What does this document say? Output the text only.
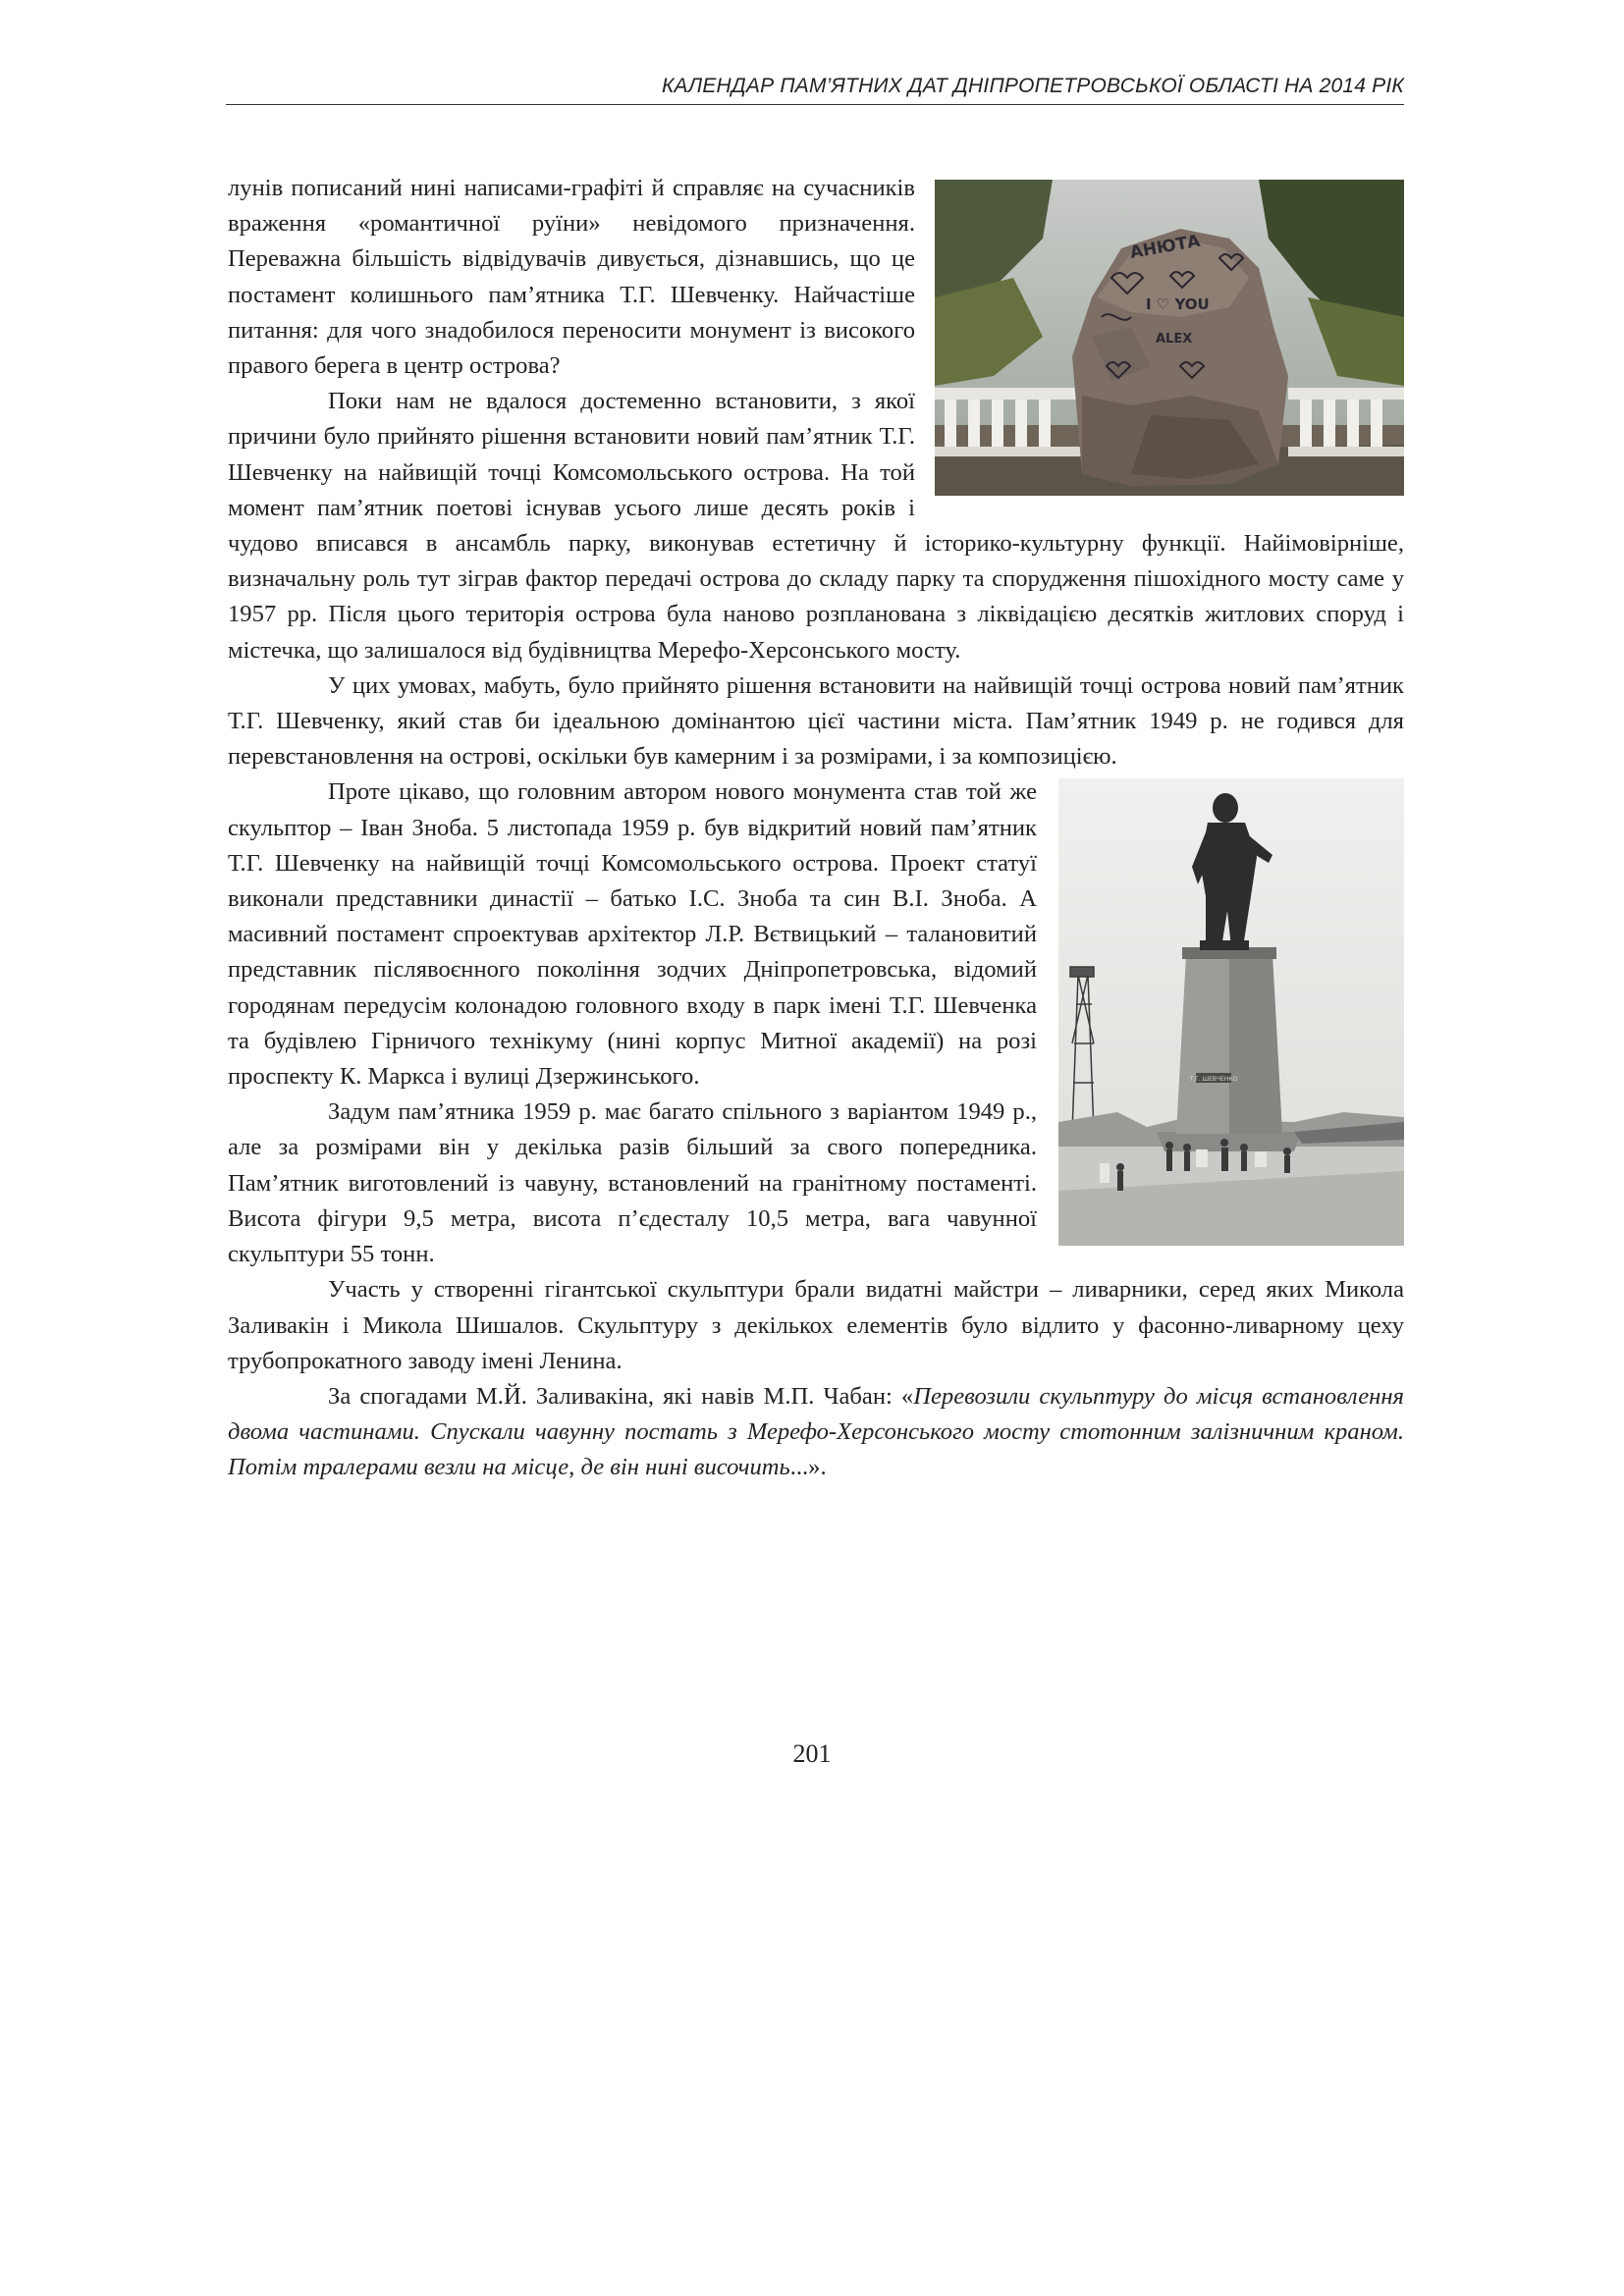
КАЛЕНДАР ПАМ’ЯТНИХ ДАТ ДНІПРОПЕТРОВСЬКОЇ ОБЛАСТІ НА 2014 РІК
АНЮТА
I ♡ YOU
ALEX

лунів пописаний нині написами-графіті й справляє на сучасників враження «романтичної руїни» невідомого призначення. Переважна більшість відвідувачів дивується, дізнавшись, що це постамент колишнього пам’ятника Т.Г. Шевченку. Найчастіше питання: для чого знадобилося переносити монумент із високого правого берега в центр острова?

Поки нам не вдалося достеменно встановити, з якої причини було прийнято рішення встановити новий пам’ятник Т.Г. Шевченку на найвищій точці Комсомольського острова. На той момент пам’ятник поетові існував усього лише десять років і чудово вписався в ансамбль парку, виконував естетичну й історико-культурну функції. Найімовірніше, визначальну роль тут зіграв фактор передачі острова до складу парку та спорудження пішохідного мосту саме у 1957 рр. Після цього територія острова була наново розпланована з ліквідацією десятків житлових споруд і містечка, що залишалося від будівництва Мерефо-Херсонського мосту.

У цих умовах, мабуть, було прийнято рішення встановити на найвищій точці острова новий пам’ятник Т.Г. Шевченку, який став би ідеальною домінантою цієї частини міста. Пам’ятник 1949 р. не годився для перевстановлення на острові, оскільки був камерним і за розмірами, і за композицією.

Т.Г. ШЕВЧЕНКО

Проте цікаво, що головним автором нового монумента став той же скульптор – Іван Зноба. 5 листопада 1959 р. був відкритий новий пам’ятник Т.Г. Шевченку на найвищій точці Комсомольського острова. Проект статуї виконали представники династії – батько І.С. Зноба та син В.І. Зноба. А масивний постамент спроектував архітектор Л.Р. Вєтвицький – талановитий представник післявоєнного покоління зодчих Дніпропетровська, відомий городянам передусім колонадою головного входу в парк імені Т.Г. Шевченка та будівлею Гірничого технікуму (нині корпус Митної академії) на розі проспекту К. Маркса і вулиці Дзержинського.

Задум пам’ятника 1959 р. має багато спільного з варіантом 1949 р., але за розмірами він у декілька разів більший за свого попередника. Пам’ятник виготовлений із чавуну, встановлений на гранітному постаменті. Висота фігури 9,5 метра, висота п’єдесталу 10,5 метра, вага чавунної скульптури 55 тонн.

Участь у створенні гігантської скульптури брали видатні майстри – ливарники, серед яких Микола Заливакін і Микола Шишалов. Скульптуру з декількох елементів було відлито у фасонно-ливарному цеху трубопрокатного заводу імені Ленина.

За спогадами М.Й. Заливакіна, які навів М.П. Чабан: «Перевозили скульптуру до місця встановлення двома частинами. Спускали чавунну постать з Мерефо-Херсонського мосту стотонним залізничним краном. Потім тралерами везли на місце, де він нині височить...».

201
